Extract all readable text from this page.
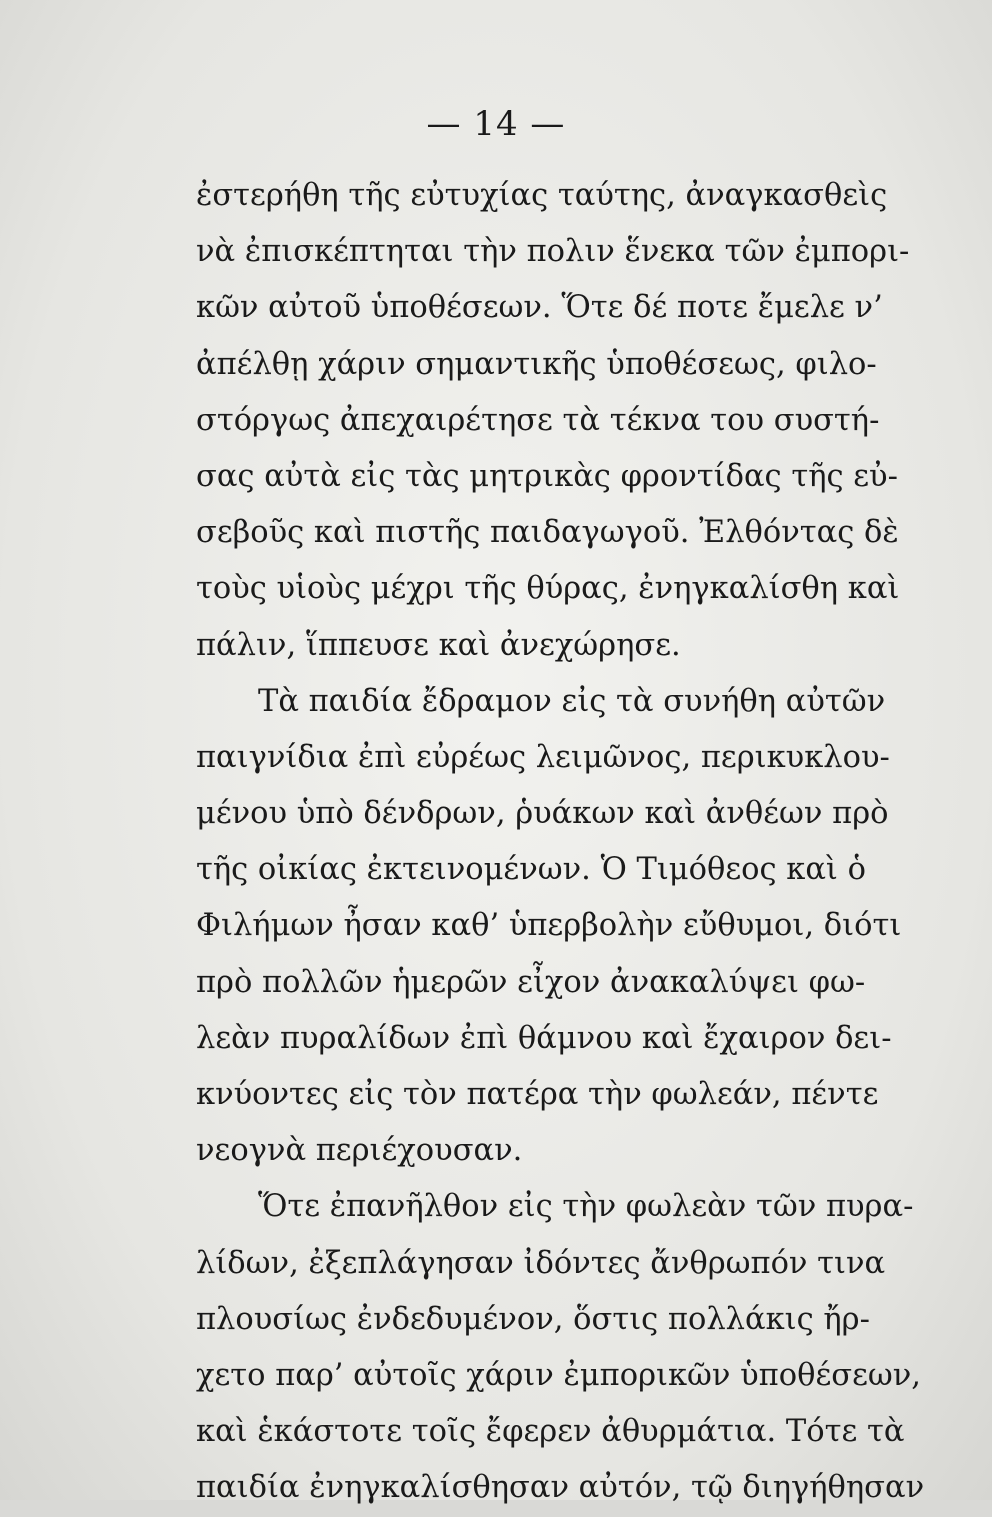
— 14 —
ἐστερήθη τῆς εὐτυχίας ταύτης, ἀναγκασθεὶς
νὰ ἐπισκέπτηται τὴν πολιν ἕνεκα τῶν ἐμπορι-
κῶν αὐτοῦ ὑποθέσεων. Ὅτε δέ ποτε ἔμελε ν’
ἀπέλθῃ χάριν σημαντικῆς ὑποθέσεως, φιλο-
στόργως ἀπεχαιρέτησε τὰ τέκνα του συστή-
σας αὐτὰ εἰς τὰς μητρικὰς φροντίδας τῆς εὐ-
σεβοῦς καὶ πιστῆς παιδαγωγοῦ. Ἐλθόντας δὲ
τοὺς υἱοὺς μέχρι τῆς θύρας, ἐνηγκαλίσθη καὶ
πάλιν, ἵππευσε καὶ ἀνεχώρησε.
Τὰ παιδία ἔδραμον εἰς τὰ συνήθη αὐτῶν
παιγνίδια ἐπὶ εὐρέως λειμῶνος, περικυκλου-
μένου ὑπὸ δένδρων, ῥυάκων καὶ ἀνθέων πρὸ
τῆς οἰκίας ἐκτεινομένων. Ὁ Τιμόθεος καὶ ὁ
Φιλήμων ἦσαν καθ’ ὑπερβολὴν εὔθυμοι, διότι
πρὸ πολλῶν ἡμερῶν εἶχον ἀνακαλύψει φω-
λεὰν πυραλίδων ἐπὶ θάμνου καὶ ἔχαιρον δει-
κνύοντες εἰς τὸν πατέρα τὴν φωλεάν, πέντε
νεογνὰ περιέχουσαν.
Ὅτε ἐπανῆλθον εἰς τὴν φωλεὰν τῶν πυρα-
λίδων, ἐξεπλάγησαν ἰδόντες ἄνθρωπόν τινα
πλουσίως ἐνδεδυμένον, ὅστις πολλάκις ἤρ-
χετο παρ’ αὐτοῖς χάριν ἐμπορικῶν ὑποθέσεων,
καὶ ἑκάστοτε τοῖς ἔφερεν ἀθυρμάτια. Τότε τὰ
παιδία ἐνηγκαλίσθησαν αὐτόν, τῷ διηγήθησαν
